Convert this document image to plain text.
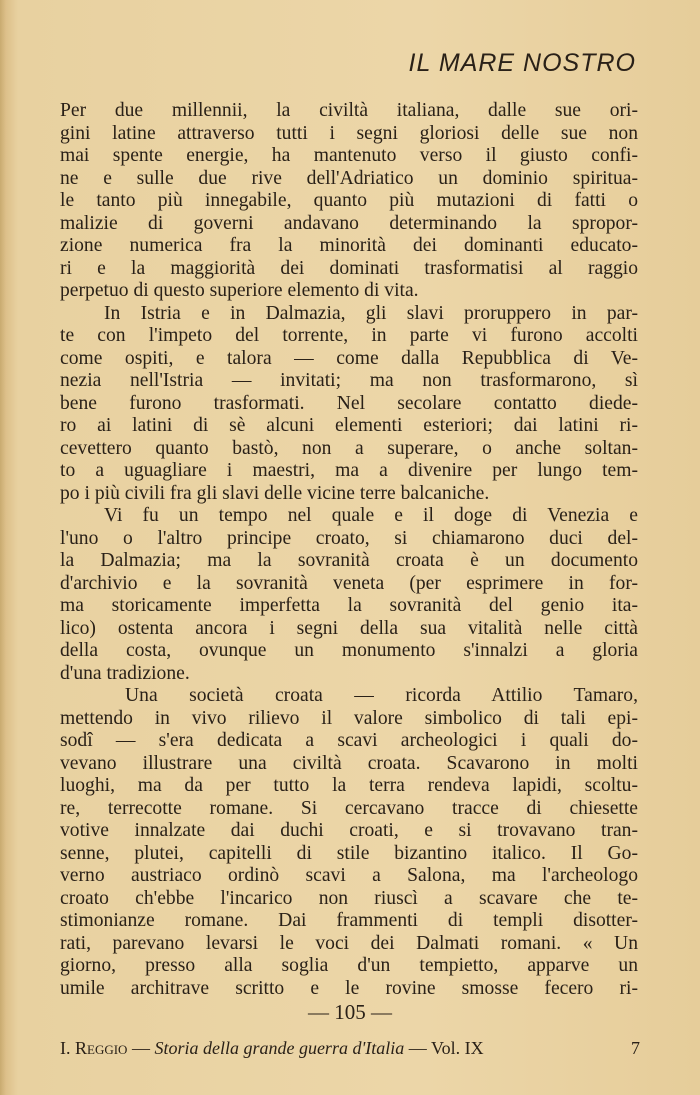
IL MARE NOSTRO
Per due millennii, la civiltà italiana, dalle sue ori-
gini latine attraverso tutti i segni gloriosi delle sue non
mai spente energie, ha mantenuto verso il giusto confi-
ne e sulle due rive dell'Adriatico un dominio spiritua-
le tanto più innegabile, quanto più mutazioni di fatti o
malizie di governi andavano determinando la spropor-
zione numerica fra la minorità dei dominanti educato-
ri e la maggiorità dei dominati trasformatisi al raggio
perpetuo di questo superiore elemento di vita.
In Istria e in Dalmazia, gli slavi proruppero in par-
te con l'impeto del torrente, in parte vi furono accolti
come ospiti, e talora — come dalla Repubblica di Ve-
nezia nell'Istria — invitati; ma non trasformarono, sì
bene furono trasformati. Nel secolare contatto diede-
ro ai latini di sè alcuni elementi esteriori; dai latini ri-
cevettero quanto bastò, non a superare, o anche soltan-
to a uguagliare i maestri, ma a divenire per lungo tem-
po i più civili fra gli slavi delle vicine terre balcaniche.
Vi fu un tempo nel quale e il doge di Venezia e
l'uno o l'altro principe croato, si chiamarono duci del-
la Dalmazia; ma la sovranità croata è un documento
d'archivio e la sovranità veneta (per esprimere in for-
ma storicamente imperfetta la sovranità del genio ita-
lico) ostenta ancora i segni della sua vitalità nelle città
della costa, ovunque un monumento s'innalzi a gloria
d'una tradizione.
Una società croata — ricorda Attilio Tamaro,
mettendo in vivo rilievo il valore simbolico di tali epi-
sodî — s'era dedicata a scavi archeologici i quali do-
vevano illustrare una civiltà croata. Scavarono in molti
luoghi, ma da per tutto la terra rendeva lapidi, scoltu-
re, terrecotte romane. Si cercavano tracce di chiesette
votive innalzate dai duchi croati, e si trovavano tran-
senne, plutei, capitelli di stile bizantino italico. Il Go-
verno austriaco ordinò scavi a Salona, ma l'archeologo
croato ch'ebbe l'incarico non riuscì a scavare che te-
stimonianze romane. Dai frammenti di templi disotter-
rati, parevano levarsi le voci dei Dalmati romani. « Un
giorno, presso alla soglia d'un tempietto, apparve un
umile architrave scritto e le rovine smosse fecero ri-
— 105 —
I. Reggio — Storia della grande guerra d'Italia — Vol. IX	7
